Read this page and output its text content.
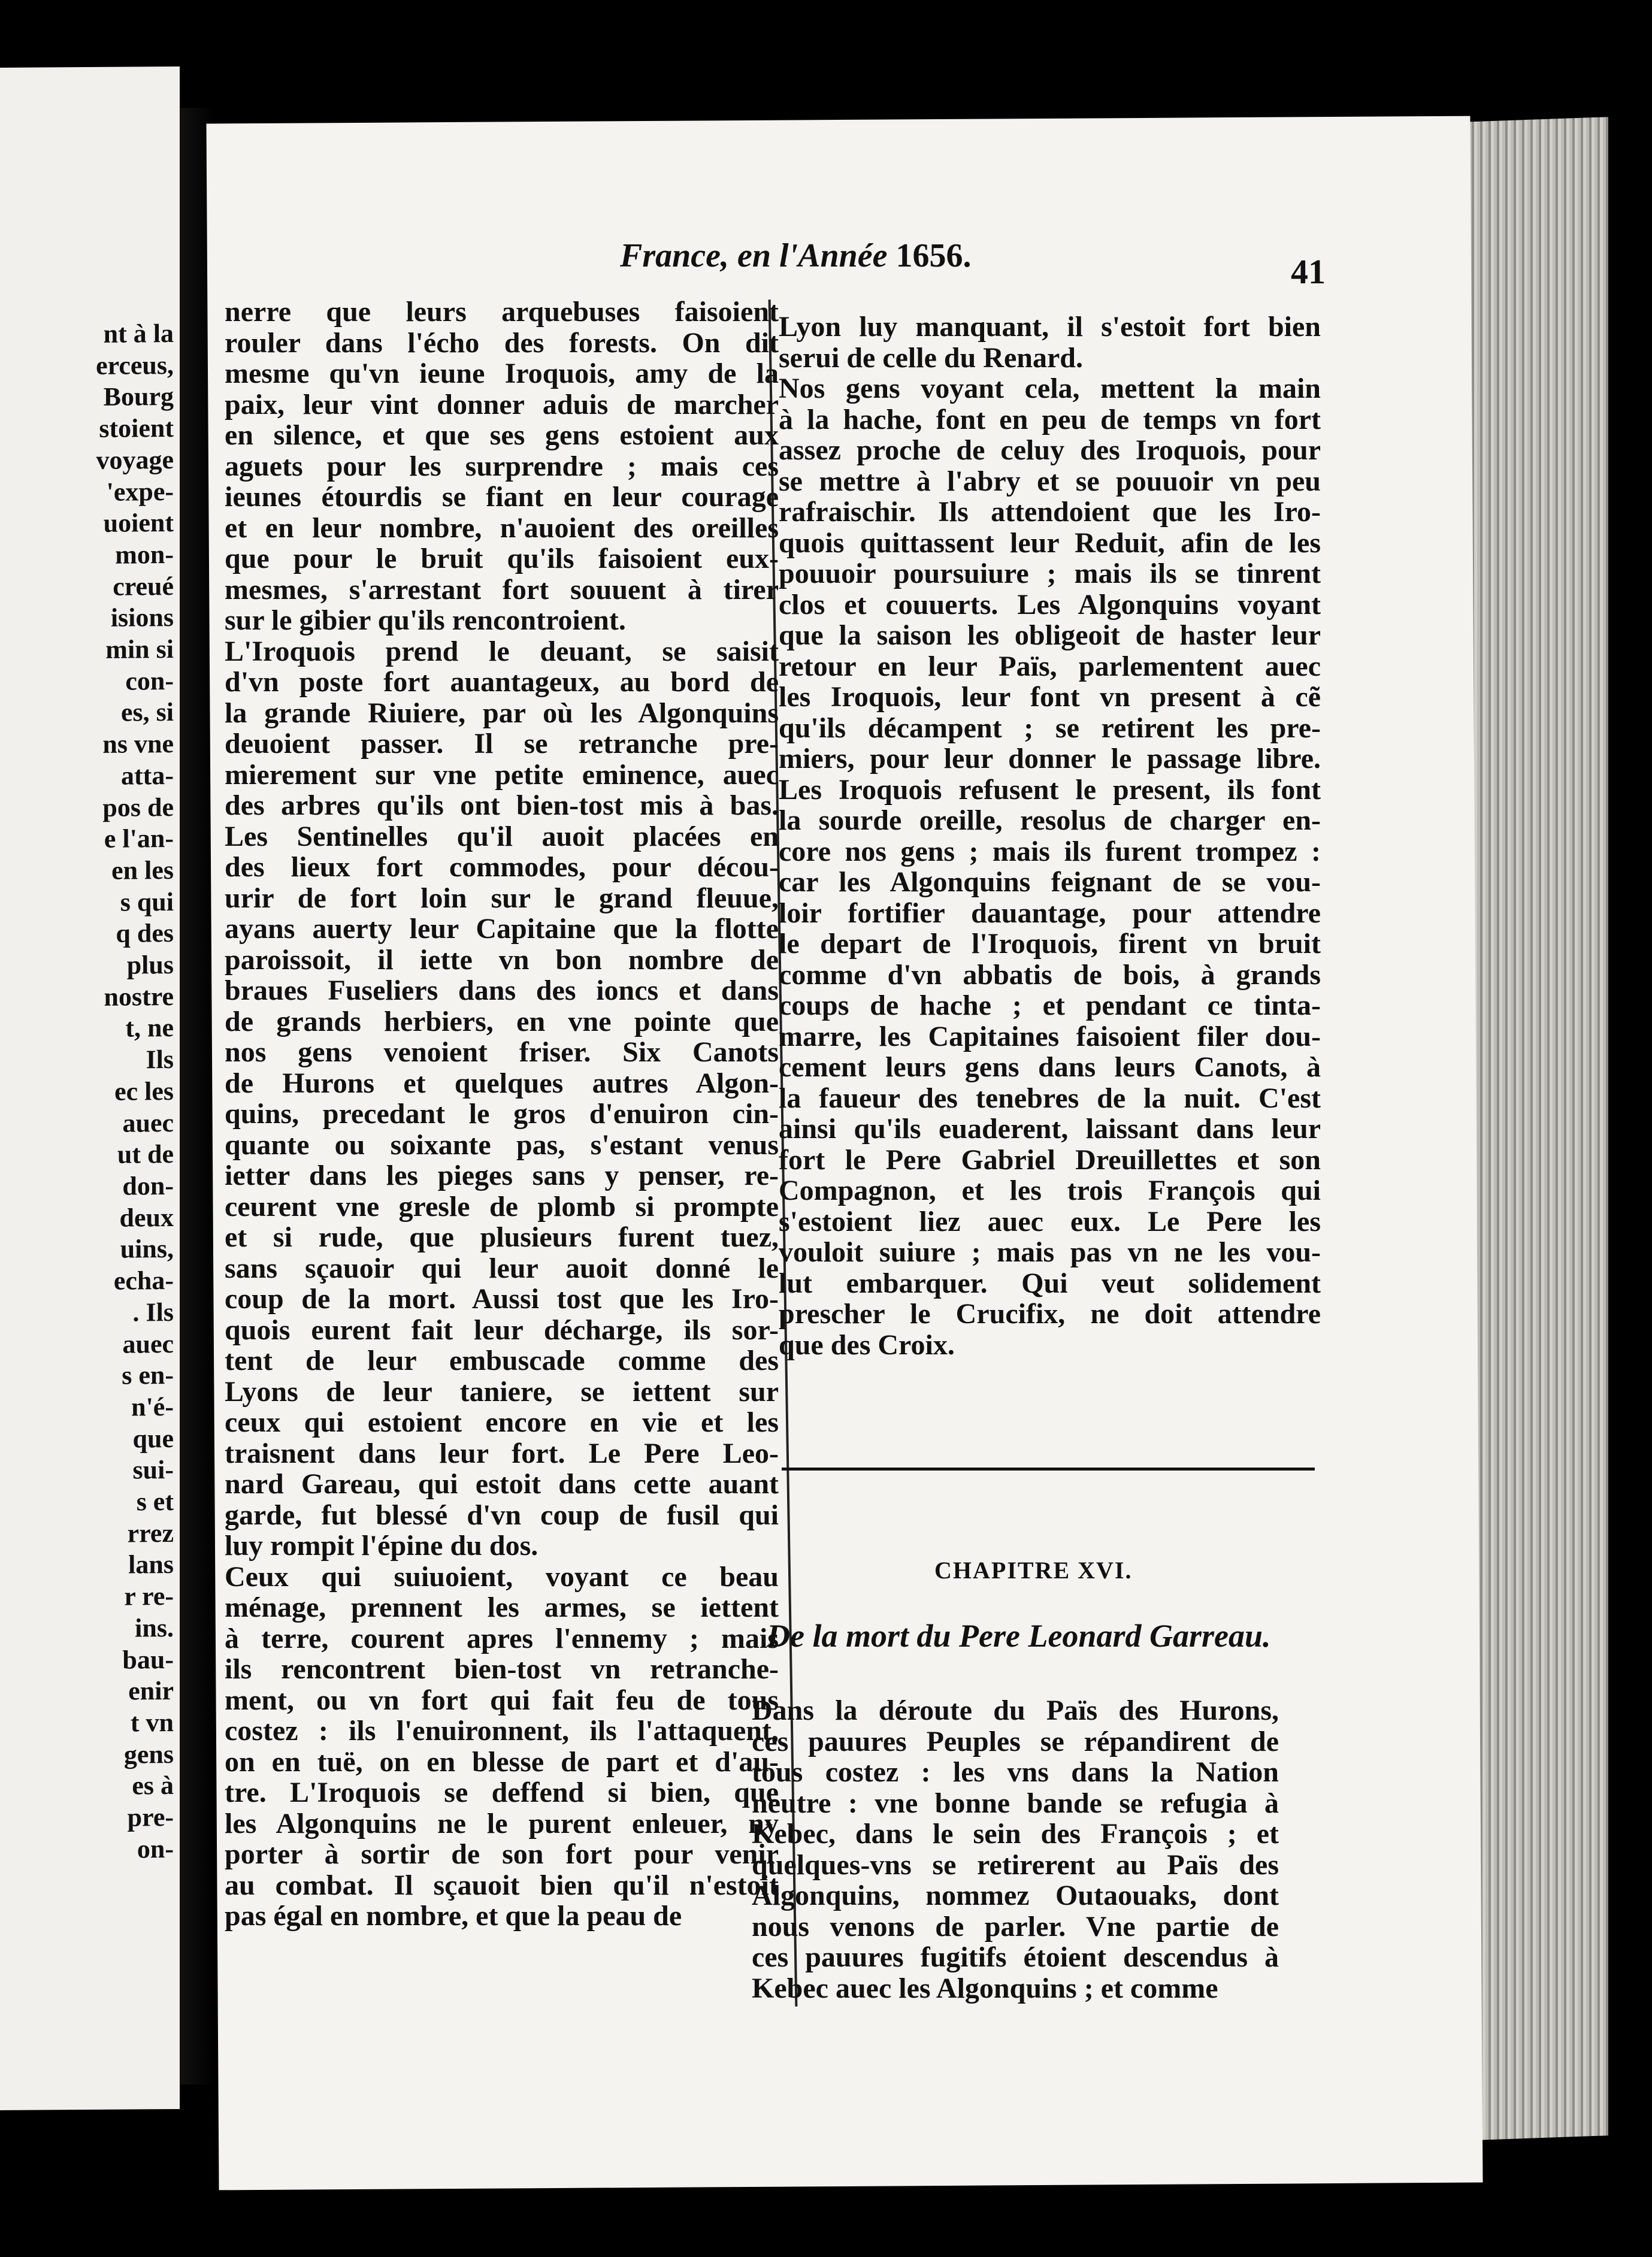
nt à la
erceus,
Bourg
stoient
voyage
'expe-
uoient
mon-
creué
isions
min si
con-
es, si
ns vne
atta-
pos de
e l'an-
en les
s qui
q des
plus
nostre
t, ne
Ils
ec les
auec
ut de
don-
deux
uins,
echa-
. Ils
auec
s en-
n'é-
que
sui-
s et
rrez
lans
r re-
ins.
bau-
enir
t vn
gens
es à
pre-
on-
France, en l'Année 1656.	41
nerre que leurs arquebuses faisoient
rouler dans l'écho des forests. On dit
mesme qu'vn ieune Iroquois, amy de la
paix, leur vint donner aduis de marcher
en silence, et que ses gens estoient aux
aguets pour les surprendre ; mais ces
ieunes étourdis se fiant en leur courage
et en leur nombre, n'auoient des oreilles
que pour le bruit qu'ils faisoient eux-
mesmes, s'arrestant fort souuent à tirer
sur le gibier qu'ils rencontroient.
L'Iroquois prend le deuant, se saisit
d'vn poste fort auantageux, au bord de
la grande Riuiere, par où les Algonquins
deuoient passer. Il se retranche pre-
mierement sur vne petite eminence, auec
des arbres qu'ils ont bien-tost mis à bas.
Les Sentinelles qu'il auoit placées en
des lieux fort commodes, pour décou-
urir de fort loin sur le grand fleuue,
ayans auerty leur Capitaine que la flotte
paroissoit, il iette vn bon nombre de
braues Fuseliers dans des ioncs et dans
de grands herbiers, en vne pointe que
nos gens venoient friser. Six Canots
de Hurons et quelques autres Algon-
quins, precedant le gros d'enuiron cin-
quante ou soixante pas, s'estant venus
ietter dans les pieges sans y penser, re-
ceurent vne gresle de plomb si prompte
et si rude, que plusieurs furent tuez,
sans sçauoir qui leur auoit donné le
coup de la mort. Aussi tost que les Iro-
quois eurent fait leur décharge, ils sor-
tent de leur embuscade comme des
Lyons de leur taniere, se iettent sur
ceux qui estoient encore en vie et les
traisnent dans leur fort. Le Pere Leo-
nard Gareau, qui estoit dans cette auant
garde, fut blessé d'vn coup de fusil qui
luy rompit l'épine du dos.
Ceux qui suiuoient, voyant ce beau
ménage, prennent les armes, se iettent
à terre, courent apres l'ennemy ; mais
ils rencontrent bien-tost vn retranche-
ment, ou vn fort qui fait feu de tous
costez : ils l'enuironnent, ils l'attaquent,
on en tuë, on en blesse de part et d'au-
tre. L'Iroquois se deffend si bien, que
les Algonquins ne le purent enleuer, ny
porter à sortir de son fort pour venir
au combat. Il sçauoit bien qu'il n'estoit
pas égal en nombre, et que la peau de
Lyon luy manquant, il s'estoit fort bien
serui de celle du Renard.
Nos gens voyant cela, mettent la main
à la hache, font en peu de temps vn fort
assez proche de celuy des Iroquois, pour
se mettre à l'abry et se pouuoir vn peu
rafraischir. Ils attendoient que les Iro-
quois quittassent leur Reduit, afin de les
pouuoir poursuiure ; mais ils se tinrent
clos et couuerts. Les Algonquins voyant
que la saison les obligeoit de haster leur
retour en leur Païs, parlementent auec
les Iroquois, leur font vn present à cẽ
qu'ils décampent ; se retirent les pre-
miers, pour leur donner le passage libre.
Les Iroquois refusent le present, ils font
la sourde oreille, resolus de charger en-
core nos gens ; mais ils furent trompez :
car les Algonquins feignant de se vou-
loir fortifier dauantage, pour attendre
le depart de l'Iroquois, firent vn bruit
comme d'vn abbatis de bois, à grands
coups de hache ; et pendant ce tinta-
marre, les Capitaines faisoient filer dou-
cement leurs gens dans leurs Canots, à
la faueur des tenebres de la nuit. C'est
ainsi qu'ils euaderent, laissant dans leur
fort le Pere Gabriel Dreuillettes et son
Compagnon, et les trois François qui
s'estoient liez auec eux. Le Pere les
vouloit suiure ; mais pas vn ne les vou-
lut embarquer. Qui veut solidement
prescher le Crucifix, ne doit attendre
que des Croix.
CHAPITRE XVI.
De la mort du Pere Leonard Garreau.
Dans la déroute du Païs des Hurons,
ces pauures Peuples se répandirent de
tous costez : les vns dans la Nation
neutre : vne bonne bande se refugia à
Kebec, dans le sein des François ; et
quelques-vns se retirerent au Païs des
Algonquins, nommez Outaouaks, dont
nous venons de parler. Vne partie de
ces pauures fugitifs étoient descendus à
Kebec auec les Algonquins ; et comme
